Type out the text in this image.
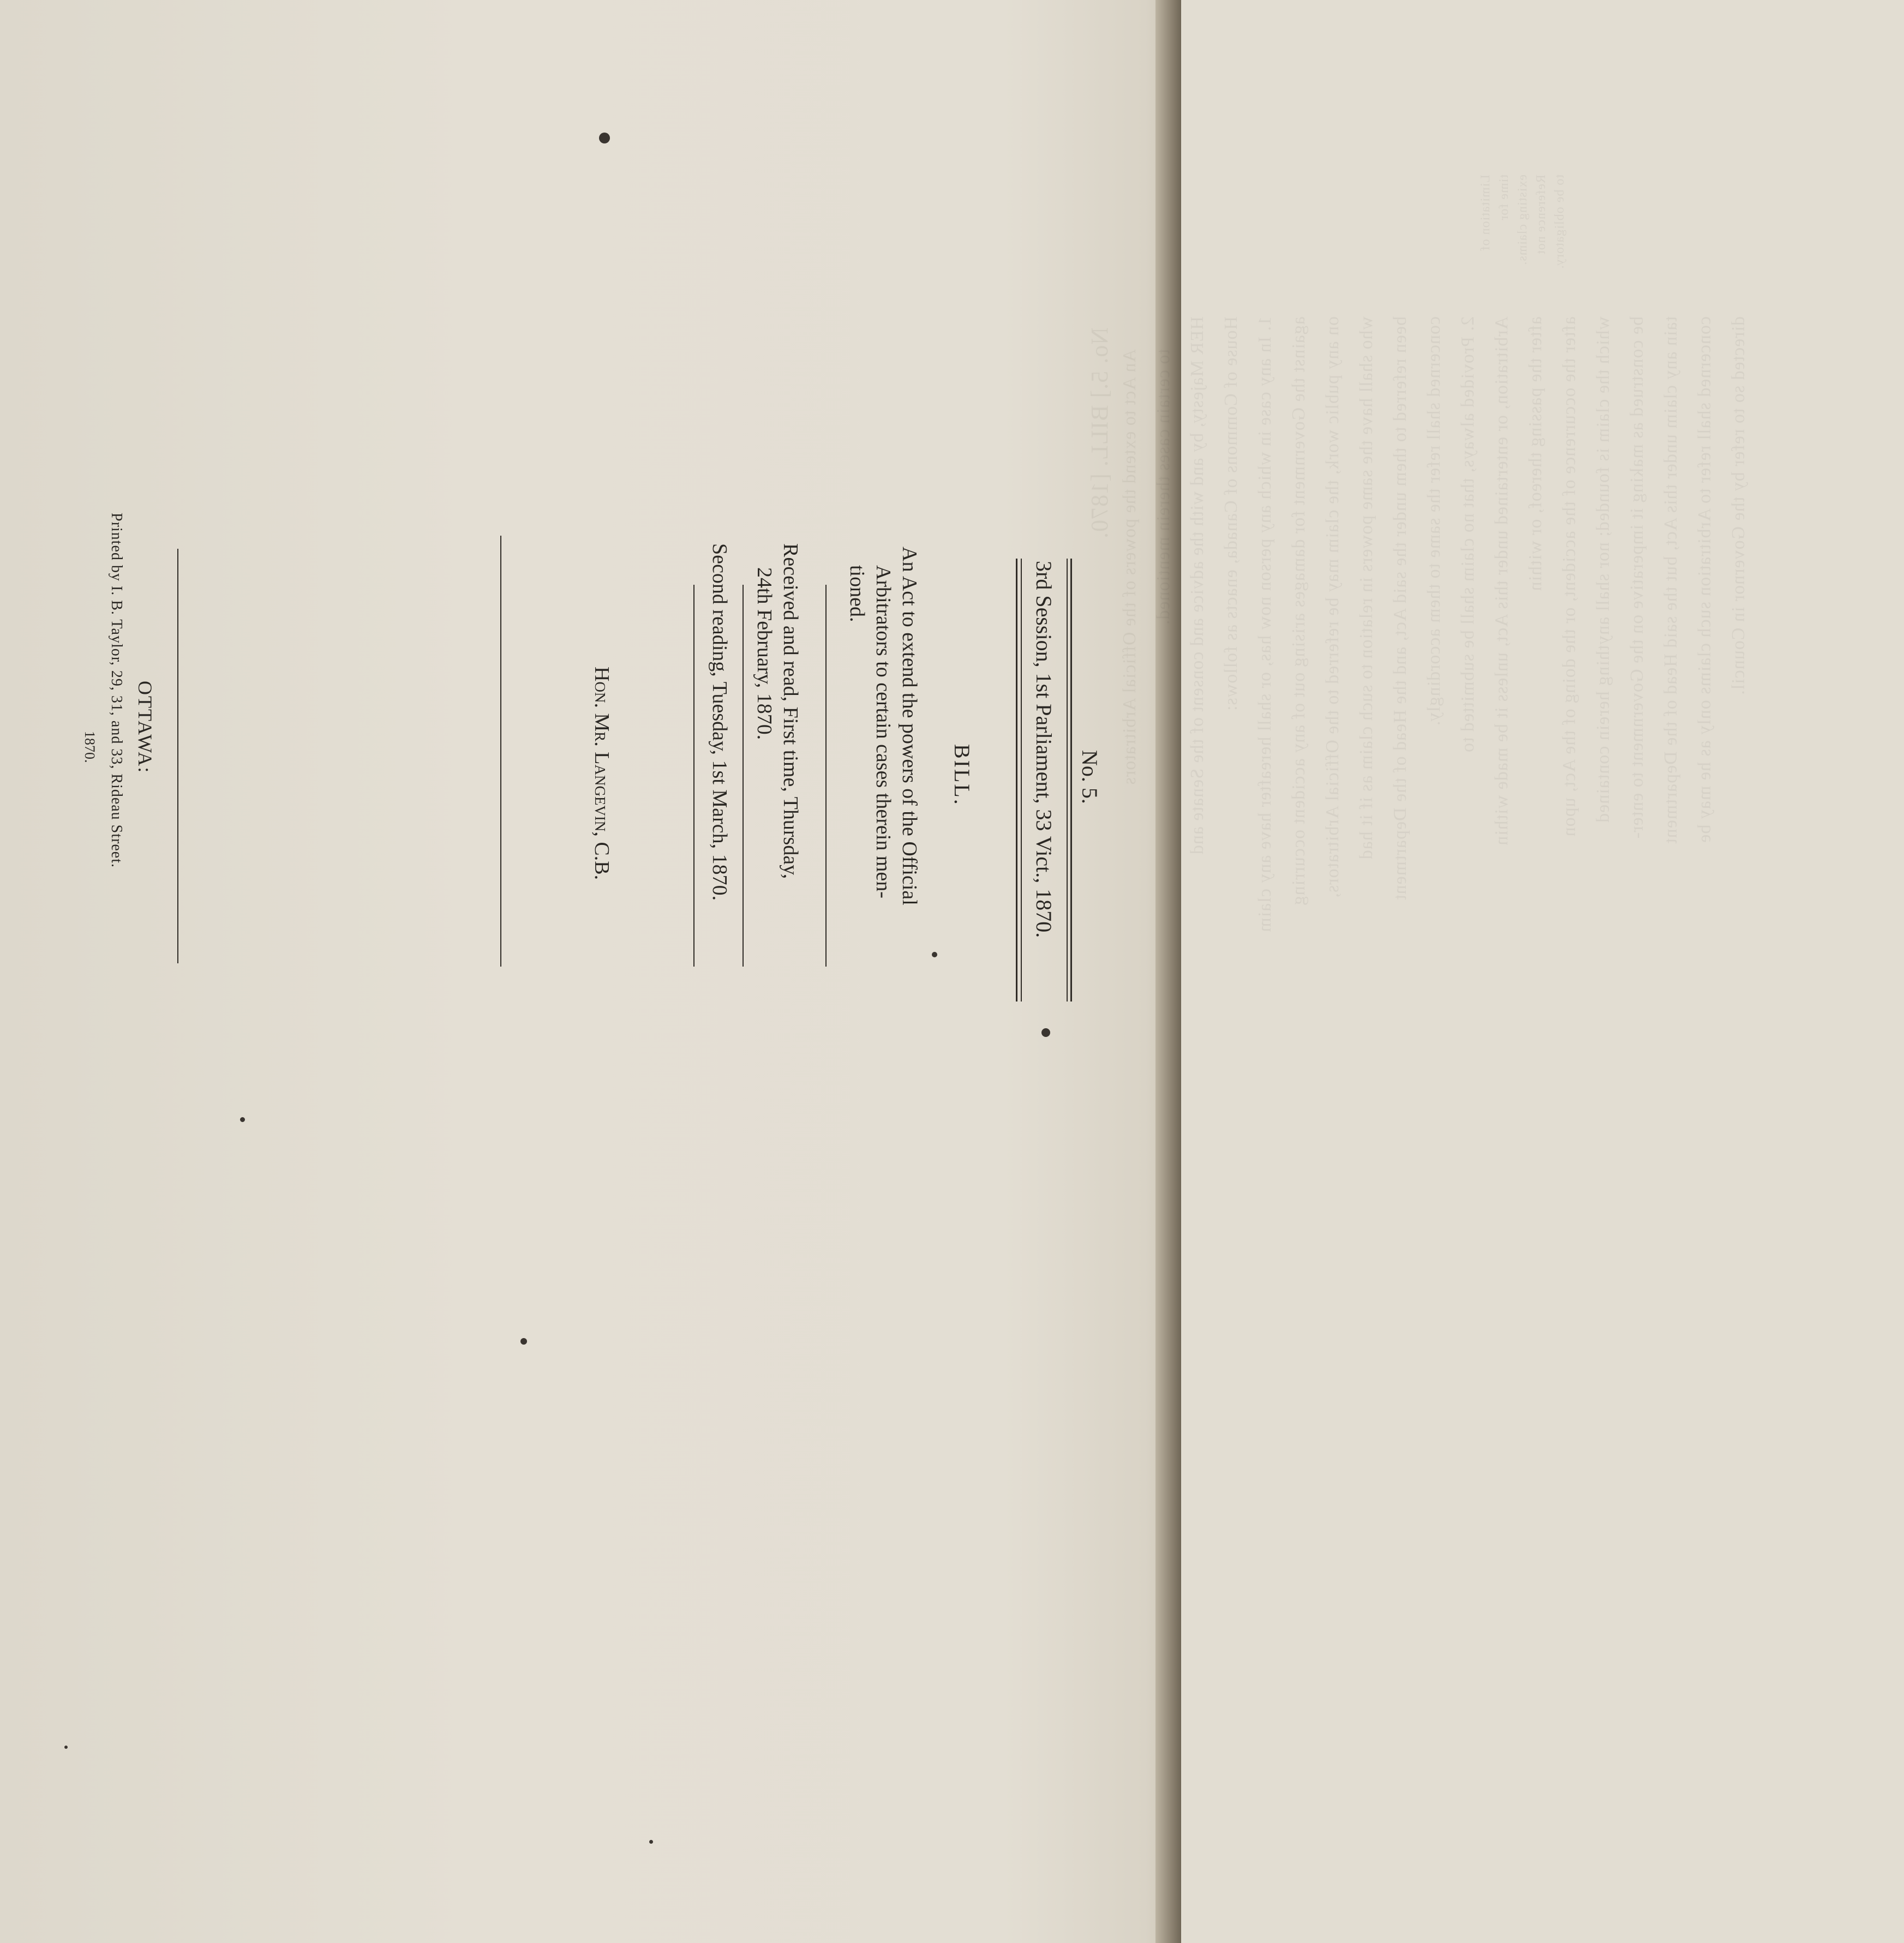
No. 5.] BILL. [1870. An Act to extend the powers of the Official Arbitrators to certain cases therein mentioned. HER Majesty, by and with the advice and consent of the Senate and House of Commons of Canada, enacts as follows: 1. In any case in which any person now has, or shall hereafter have any claim against the Government for damages arising out of any accident occurring on any public work, the claim may be referred to the Official Arbitrators, who shall have the same powers in relation to such claim as if it had been referred to them under the said Act, and the Head of the Department concerned shall refer the same to them accordingly. 2. Provided always, that no claim shall be submitted to Arbitration, or entertained under this Act, unless it be made within after the passing thereof, or within after the occurrence of the accident, or the doing of the Act, upon which the claim is founded; nor shall anything herein contained be construed as making it imperative on the Government to enter- tain any claim under this Act, but the said Head of the Department concerned shall refer to Arbitration such claims only as he may be directed so to refer by the Governor in Council.
Limitation of time for existing claims. Reference not to be obligatory.
No. 5.
3rd Session, 1st Parliament, 33 Vict., 1870.
BILL.
An Act to extend the powers of the Official
Arbitrators to certain cases therein men-
tioned.
Received and read, First time, Thursday,
24th February, 1870.
Second reading, Tuesday, 1st March, 1870.
Hon. Mr. Langevin, C.B.
OTTAWA:
Printed by I. B. Taylor, 29, 31, and 33, Rideau Street.
1870.
